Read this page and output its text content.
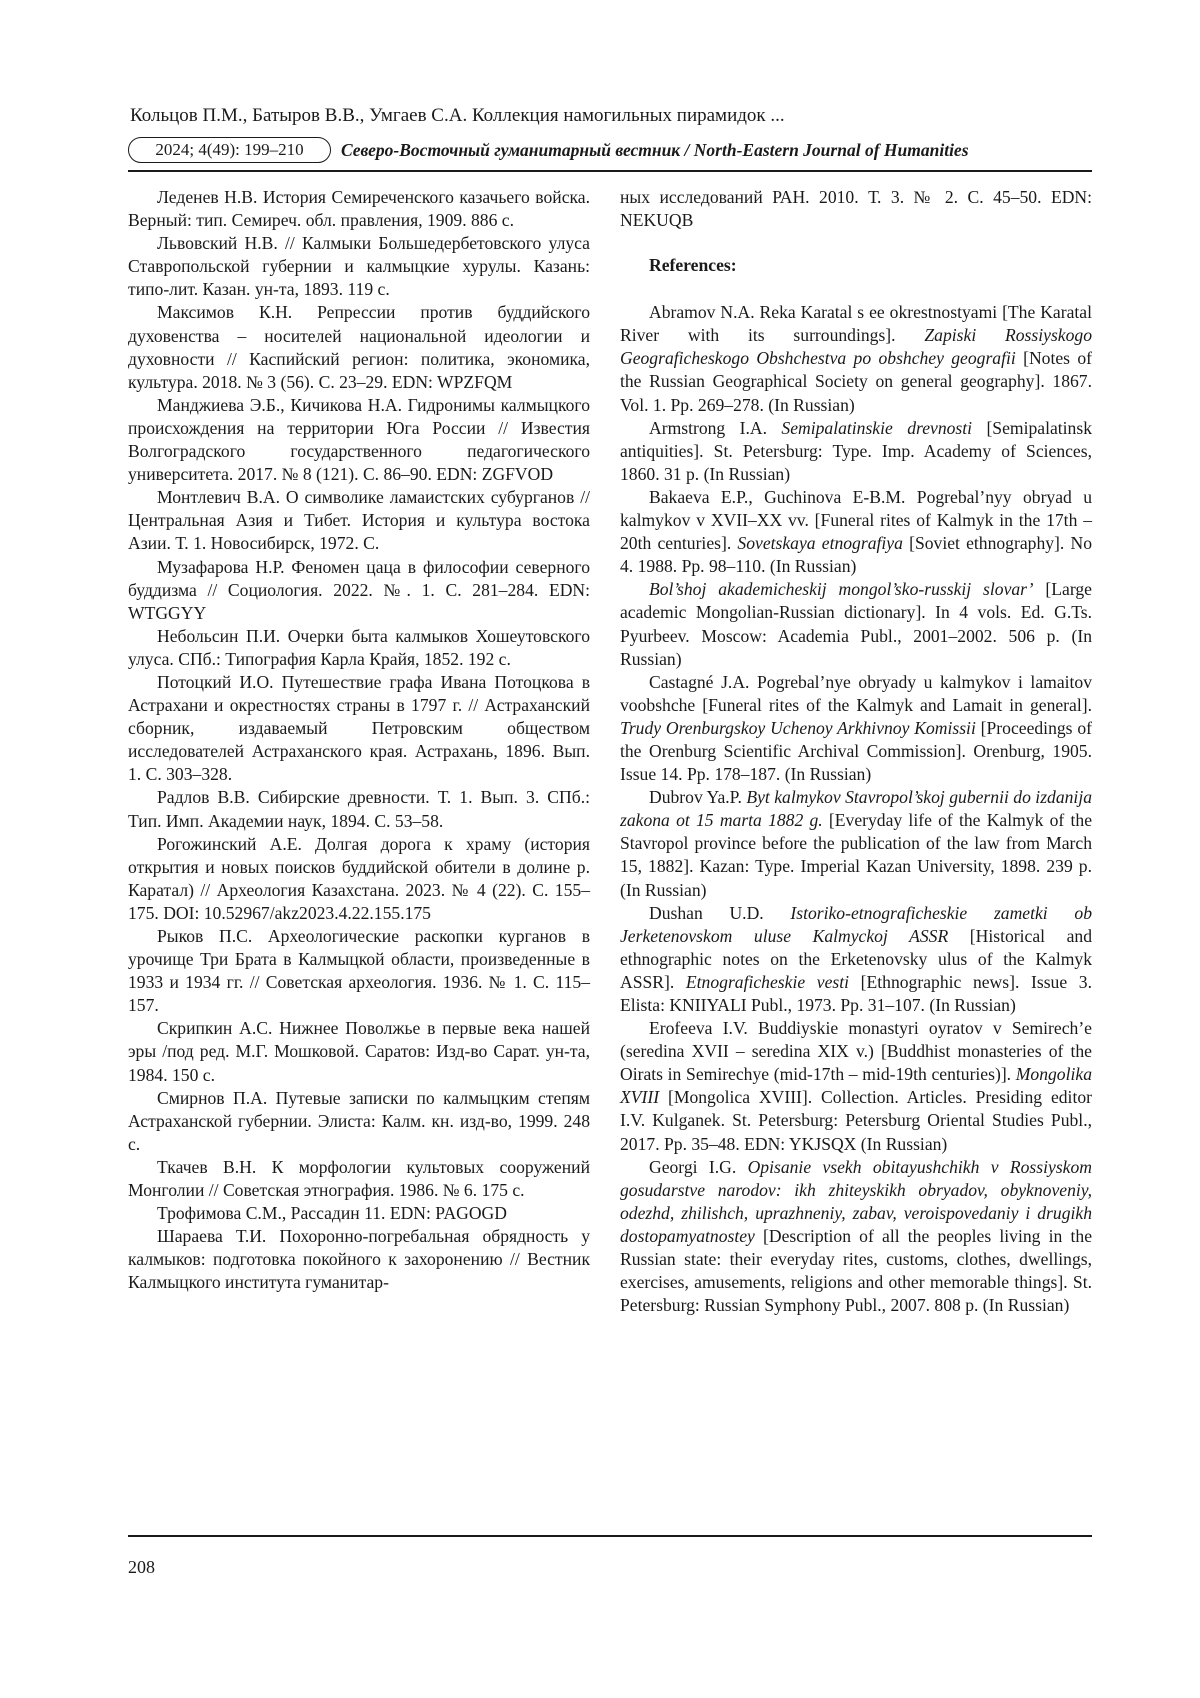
Кольцов П.М., Батыров В.В., Умгаев С.А. Коллекция намогильных пирамидок ...
2024; 4(49): 199–210	Северо-Восточный гуманитарный вестник / North-Eastern Journal of Humanities

Леденев Н.В. История Семиреченского казачьего войска. Верный: тип. Семиреч. обл. правления, 1909. 886 с.

Львовский Н.В. // Калмыки Большедербетовского улуса Ставропольской губернии и калмыцкие хурулы. Казань: типо-лит. Казан. ун-та, 1893. 119 с.

Максимов К.Н. Репрессии против буддийского духовенства – носителей национальной идеологии и духовности // Каспийский регион: политика, экономика, культура. 2018. № 3 (56). С. 23–29. EDN: WPZFQM

Манджиева Э.Б., Кичикова Н.А. Гидронимы калмыцкого происхождения на территории Юга России // Известия Волгоградского государственного педагогического университета. 2017. № 8 (121). С. 86–90. EDN: ZGFVOD

Монтлевич В.А. О символике ламаистских субурганов // Центральная Азия и Тибет. История и культура востока Азии. Т. 1. Новосибирск, 1972. С.

Музафарова Н.Р. Феномен цаца в философии северного буддизма // Социология. 2022. №. 1. С. 281–284. EDN: WTGGYY

Небольсин П.И. Очерки быта калмыков Хошеутовского улуса. СПб.: Типография Карла Крайя, 1852. 192 с.

Потоцкий И.О. Путешествие графа Ивана Потоцкова в Астрахани и окрестностях страны в 1797 г. // Астраханский сборник, издаваемый Петровским обществом исследователей Астраханского края. Астрахань, 1896. Вып. 1. С. 303–328.

Радлов В.В. Сибирские древности. Т. 1. Вып. 3. СПб.: Тип. Имп. Академии наук, 1894. С. 53–58.

Рогожинский А.Е. Долгая дорога к храму (история открытия и новых поисков буддийской обители в долине р. Каратал) // Археология Казахстана. 2023. № 4 (22). С. 155–175. DOI: 10.52967/akz2023.4.22.155.175

Рыков П.С. Археологические раскопки курганов в урочище Три Брата в Калмыцкой области, произведенные в 1933 и 1934 гг. // Советская археология. 1936. № 1. С. 115–157.

Скрипкин А.С. Нижнее Поволжье в первые века нашей эры /под ред. М.Г. Мошковой. Саратов: Изд-во Сарат. ун-та, 1984. 150 с.

Смирнов П.А. Путевые записки по калмыцким степям Астраханской губернии. Элиста: Калм. кн. изд-во, 1999. 248 с.

Ткачев В.Н. К морфологии культовых сооружений Монголии // Советская этнография. 1986. № 6. 175 с.

Трофимова С.М., Рассадин 11. EDN: PAGOGD

Шараева Т.И. Похоронно-погребальная обрядность у калмыков: подготовка покойного к захоронению // Вестник Калмыцкого института гуманитар-

ных исследований РАН. 2010. Т. 3. № 2. С. 45–50. EDN: NEKUQB

References:

Abramov N.A. Reka Karatal s ee okrestnostyami [The Karatal River with its surroundings]. Zapiski Rossiyskogo Geograficheskogo Obshchestva po obshchey geografii [Notes of the Russian Geographical Society on general geography]. 1867. Vol. 1. Pp. 269–278. (In Russian)

Armstrong I.A. Semipalatinskie drevnosti [Semipalatinsk antiquities]. St. Petersburg: Type. Imp. Academy of Sciences, 1860. 31 p. (In Russian)

Bakaeva E.P., Guchinova E-B.M. Pogrebal’nyy obryad u kalmykov v XVII–XX vv. [Funeral rites of Kalmyk in the 17th – 20th centuries]. Sovetskaya etnografiya [Soviet ethnography]. No 4. 1988. Pp. 98–110. (In Russian)

Bol’shoj akademicheskij mongol’sko-russkij slovar’ [Large academic Mongolian-Russian dictionary]. In 4 vols. Ed. G.Ts. Pyurbeev. Moscow: Academia Publ., 2001–2002. 506 p. (In Russian)

Castagné J.A. Pogrebal’nye obryady u kalmykov i lamaitov voobshche [Funeral rites of the Kalmyk and Lamait in general]. Trudy Orenburgskoy Uchenoy Arkhivnoy Komissii [Proceedings of the Orenburg Scientific Archival Commission]. Orenburg, 1905. Issue 14. Pp. 178–187. (In Russian)

Dubrov Ya.P. Byt kalmykov Stavropol’skoj gubernii do izdanija zakona ot 15 marta 1882 g. [Everyday life of the Kalmyk of the Stavropol province before the publication of the law from March 15, 1882]. Kazan: Type. Imperial Kazan University, 1898. 239 p. (In Russian)

Dushan U.D. Istoriko-etnograficheskie zametki ob Jerketenovskom uluse Kalmyckoj ASSR [Historical and ethnographic notes on the Erketenovsky ulus of the Kalmyk ASSR]. Etnograficheskie vesti [Ethnographic news]. Issue 3. Elista: KNIIYALI Publ., 1973. Pp. 31–107. (In Russian)

Erofeeva I.V. Buddiyskie monastyri oyratov v Semirech’e (seredina XVII – seredina XIX v.) [Buddhist monasteries of the Oirats in Semirechye (mid-17th – mid-19th centuries)]. Mongolika XVIII [Mongolica XVIII]. Collection. Articles. Presiding editor I.V. Kulganek. St. Petersburg: Petersburg Oriental Studies Publ., 2017. Pp. 35–48. EDN: YKJSQX (In Russian)

Georgi I.G. Opisanie vsekh obitayushchikh v Rossiyskom gosudarstve narodov: ikh zhiteyskikh obryadov, obyknoveniy, odezhd, zhilishch, uprazhneniy, zabav, veroispovedaniy i drugikh dostopamyatnostey [Description of all the peoples living in the Russian state: their everyday rites, customs, clothes, dwellings, exercises, amusements, religions and other memorable things]. St. Petersburg: Russian Symphony Publ., 2007. 808 p. (In Russian)

208
